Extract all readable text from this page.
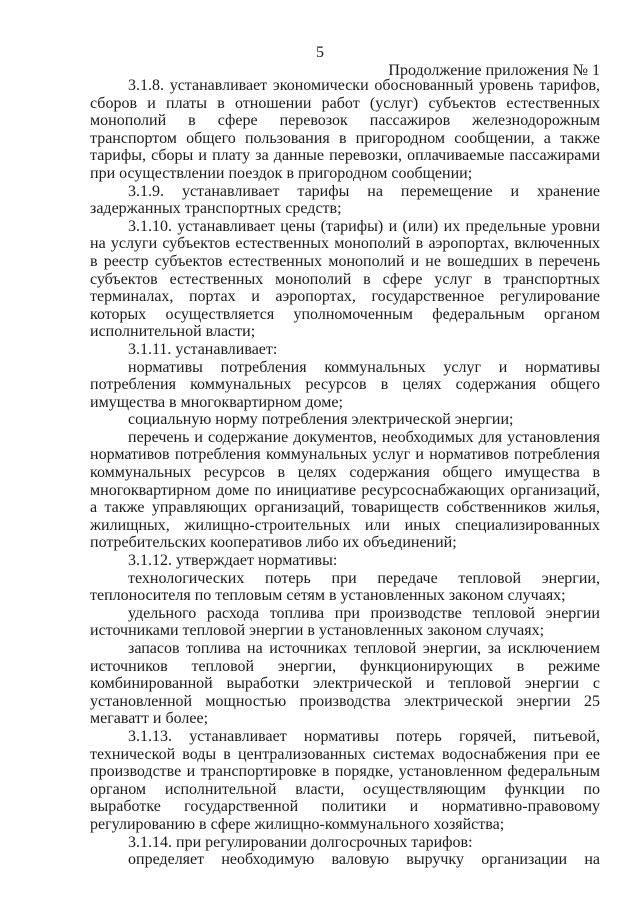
5
Продолжение приложения № 1

3.1.8. устанавливает экономически обоснованный уровень тарифов, сборов и платы в отношении работ (услуг) субъектов естественных монополий в сфере перевозок пассажиров железнодорожным транспортом общего пользования в пригородном сообщении, а также тарифы, сборы и плату за данные перевозки, оплачиваемые пассажирами при осуществлении поездок в пригородном сообщении;

3.1.9. устанавливает тарифы на перемещение и хранение задержанных транспортных средств;

3.1.10. устанавливает цены (тарифы) и (или) их предельные уровни на услуги субъектов естественных монополий в аэропортах, включенных в реестр субъектов естественных монополий и не вошедших в перечень субъектов естественных монополий в сфере услуг в транспортных терминалах, портах и аэропортах, государственное регулирование которых осуществляется уполномоченным федеральным органом исполнительной власти;

3.1.11. устанавливает:

нормативы потребления коммунальных услуг и нормативы потребления коммунальных ресурсов в целях содержания общего имущества в многоквартирном доме;

социальную норму потребления электрической энергии;

перечень и содержание документов, необходимых для установления нормативов потребления коммунальных услуг и нормативов потребления коммунальных ресурсов в целях содержания общего имущества в многоквартирном доме по инициативе ресурсоснабжающих организаций, а также управляющих организаций, товариществ собственников жилья, жилищных, жилищно-строительных или иных специализированных потребительских кооперативов либо их объединений;

3.1.12. утверждает нормативы:

технологических потерь при передаче тепловой энергии, теплоносителя по тепловым сетям в установленных законом случаях;

удельного расхода топлива при производстве тепловой энергии источниками тепловой энергии в установленных законом случаях;

запасов топлива на источниках тепловой энергии, за исключением источников тепловой энергии, функционирующих в режиме комбинированной выработки электрической и тепловой энергии с установленной мощностью производства электрической энергии 25 мегаватт и более;

3.1.13. устанавливает нормативы потерь горячей, питьевой, технической воды в централизованных системах водоснабжения при ее производстве и транспортировке в порядке, установленном федеральным органом исполнительной власти, осуществляющим функции по выработке государственной политики и нормативно-правовому регулированию в сфере жилищно-коммунального хозяйства;

3.1.14. при регулировании долгосрочных тарифов:

определяет необходимую валовую выручку организации на
